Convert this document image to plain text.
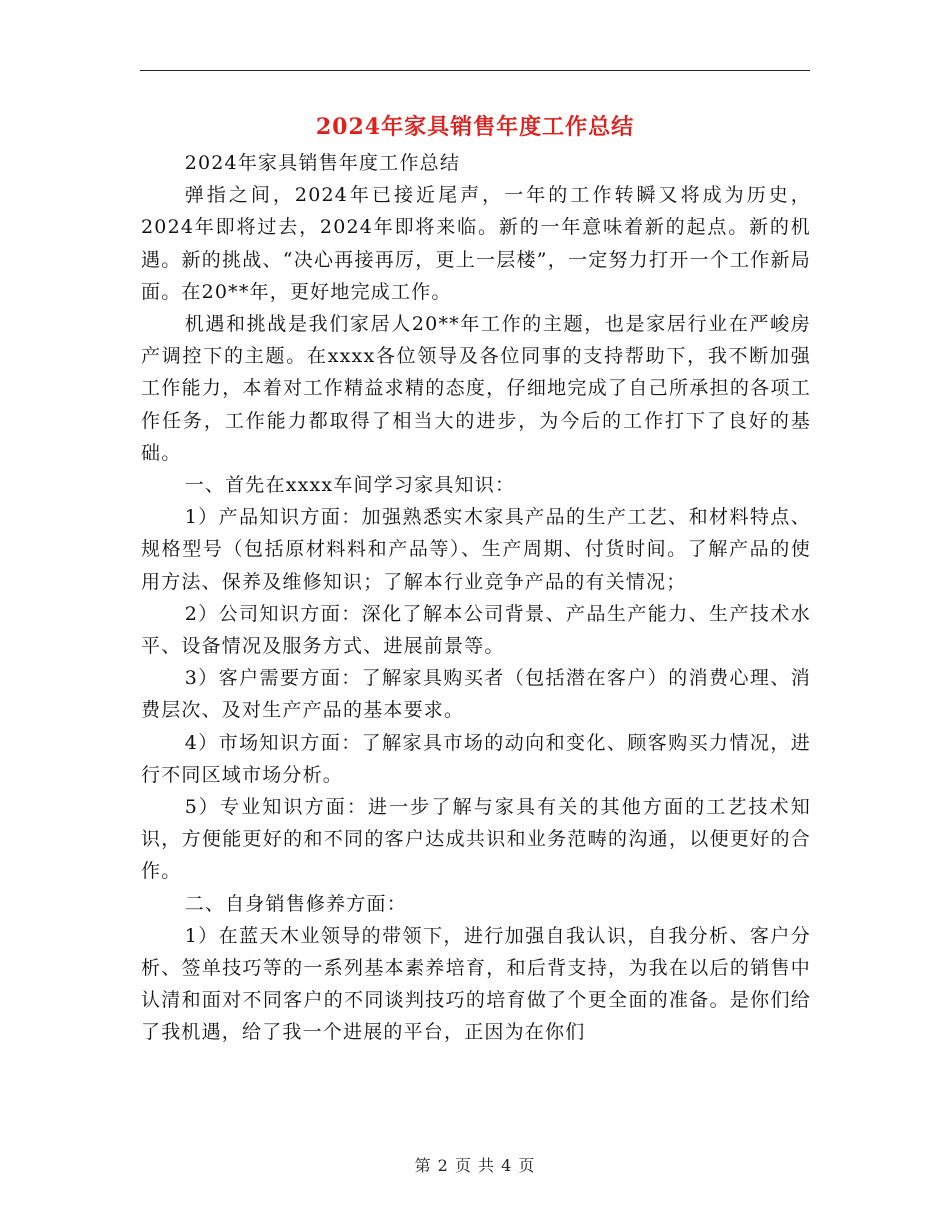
2024年家具销售年度工作总结

2024年家具销售年度工作总结

弹指之间，2024年已接近尾声，一年的工作转瞬又将成为历史，2024年即将过去，2024年即将来临。新的一年意味着新的起点。新的机遇。新的挑战、“决心再接再厉，更上一层楼”，一定努力打开一个工作新局面。在20**年，更好地完成工作。

机遇和挑战是我们家居人20**年工作的主题，也是家居行业在严峻房产调控下的主题。在xxxx各位领导及各位同事的支持帮助下，我不断加强工作能力，本着对工作精益求精的态度，仔细地完成了自己所承担的各项工作任务，工作能力都取得了相当大的进步，为今后的工作打下了良好的基础。

一、首先在xxxx车间学习家具知识：

1）产品知识方面：加强熟悉实木家具产品的生产工艺、和材料特点、规格型号（包括原材料料和产品等）、生产周期、付货时间。了解产品的使用方法、保养及维修知识；了解本行业竞争产品的有关情况；

2）公司知识方面：深化了解本公司背景、产品生产能力、生产技术水平、设备情况及服务方式、进展前景等。

3）客户需要方面：了解家具购买者（包括潜在客户）的消费心理、消费层次、及对生产产品的基本要求。

4）市场知识方面：了解家具市场的动向和变化、顾客购买力情况，进行不同区域市场分析。

5）专业知识方面：进一步了解与家具有关的其他方面的工艺技术知识，方便能更好的和不同的客户达成共识和业务范畴的沟通，以便更好的合作。

二、自身销售修养方面：

1）在蓝天木业领导的带领下，进行加强自我认识，自我分析、客户分析、签单技巧等的一系列基本素养培育，和后背支持，为我在以后的销售中认清和面对不同客户的不同谈判技巧的培育做了个更全面的准备。是你们给了我机遇，给了我一个进展的平台，正因为在你们

第 2 页 共 4 页
